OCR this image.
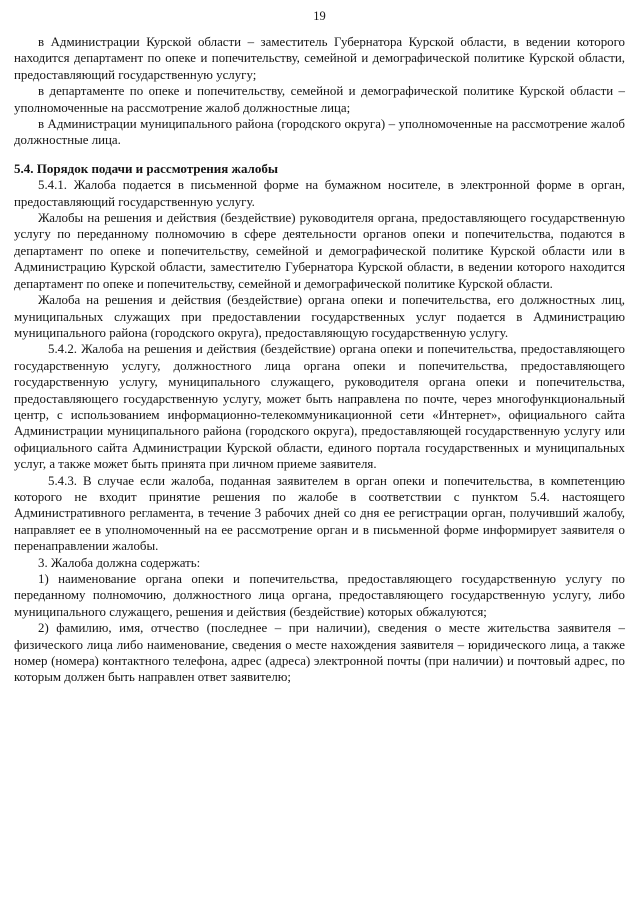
19

в Администрации Курской области – заместитель Губернатора Курской области, в ведении которого находится департамент по опеке и попечительству, семейной и демографической политике Курской области, предоставляющий государственную услугу;

в департаменте по опеке и попечительству, семейной и демографической политике Курской области – уполномоченные на рассмотрение жалоб должностные лица;

в Администрации муниципального района (городского округа) – уполномоченные на рассмотрение жалоб должностные лица.

5.4. Порядок подачи и рассмотрения жалобы

5.4.1. Жалоба подается в письменной форме на бумажном носителе, в электронной форме в орган, предоставляющий государственную услугу.

Жалобы на решения и действия (бездействие) руководителя органа, предоставляющего государственную услугу по переданному полномочию в сфере деятельности органов опеки и попечительства, подаются в департамент по опеке и попечительству, семейной и демографической политике Курской области или в Администрацию Курской области, заместителю Губернатора Курской области, в ведении которого находится департамент по опеке и попечительству, семейной и демографической политике Курской области.

Жалоба на решения и действия (бездействие) органа опеки и попечительства, его должностных лиц, муниципальных служащих при предоставлении государственных услуг подается в Администрацию муниципального района (городского округа), предоставляющую государственную услугу.

5.4.2. Жалоба на решения и действия (бездействие) органа опеки и попечительства, предоставляющего государственную услугу, должностного лица органа опеки и попечительства, предоставляющего государственную услугу, муниципального служащего, руководителя органа опеки и попечительства, предоставляющего государственную услугу, может быть направлена по почте, через многофункциональный центр, с использованием информационно-телекоммуникационной сети «Интернет», официального сайта Администрации муниципального района (городского округа), предоставляющей государственную услугу или официального сайта Администрации Курской области, единого портала государственных и муниципальных услуг, а также может быть принята при личном приеме заявителя.

5.4.3. В случае если жалоба, поданная заявителем в орган опеки и попечительства, в компетенцию которого не входит принятие решения по жалобе в соответствии с пунктом 5.4. настоящего Административного регламента, в течение 3 рабочих дней со дня ее регистрации орган, получивший жалобу, направляет ее в уполномоченный на ее рассмотрение орган и в письменной форме информирует заявителя о перенаправлении жалобы.

3. Жалоба должна содержать:

1) наименование органа опеки и попечительства, предоставляющего государственную услугу по переданному полномочию, должностного лица органа, предоставляющего государственную услугу, либо муниципального служащего, решения и действия (бездействие) которых обжалуются;

2) фамилию, имя, отчество (последнее – при наличии), сведения о месте жительства заявителя – физического лица либо наименование, сведения о месте нахождения заявителя – юридического лица, а также номер (номера) контактного телефона, адрес (адреса) электронной почты (при наличии) и почтовый адрес, по которым должен быть направлен ответ заявителю;
